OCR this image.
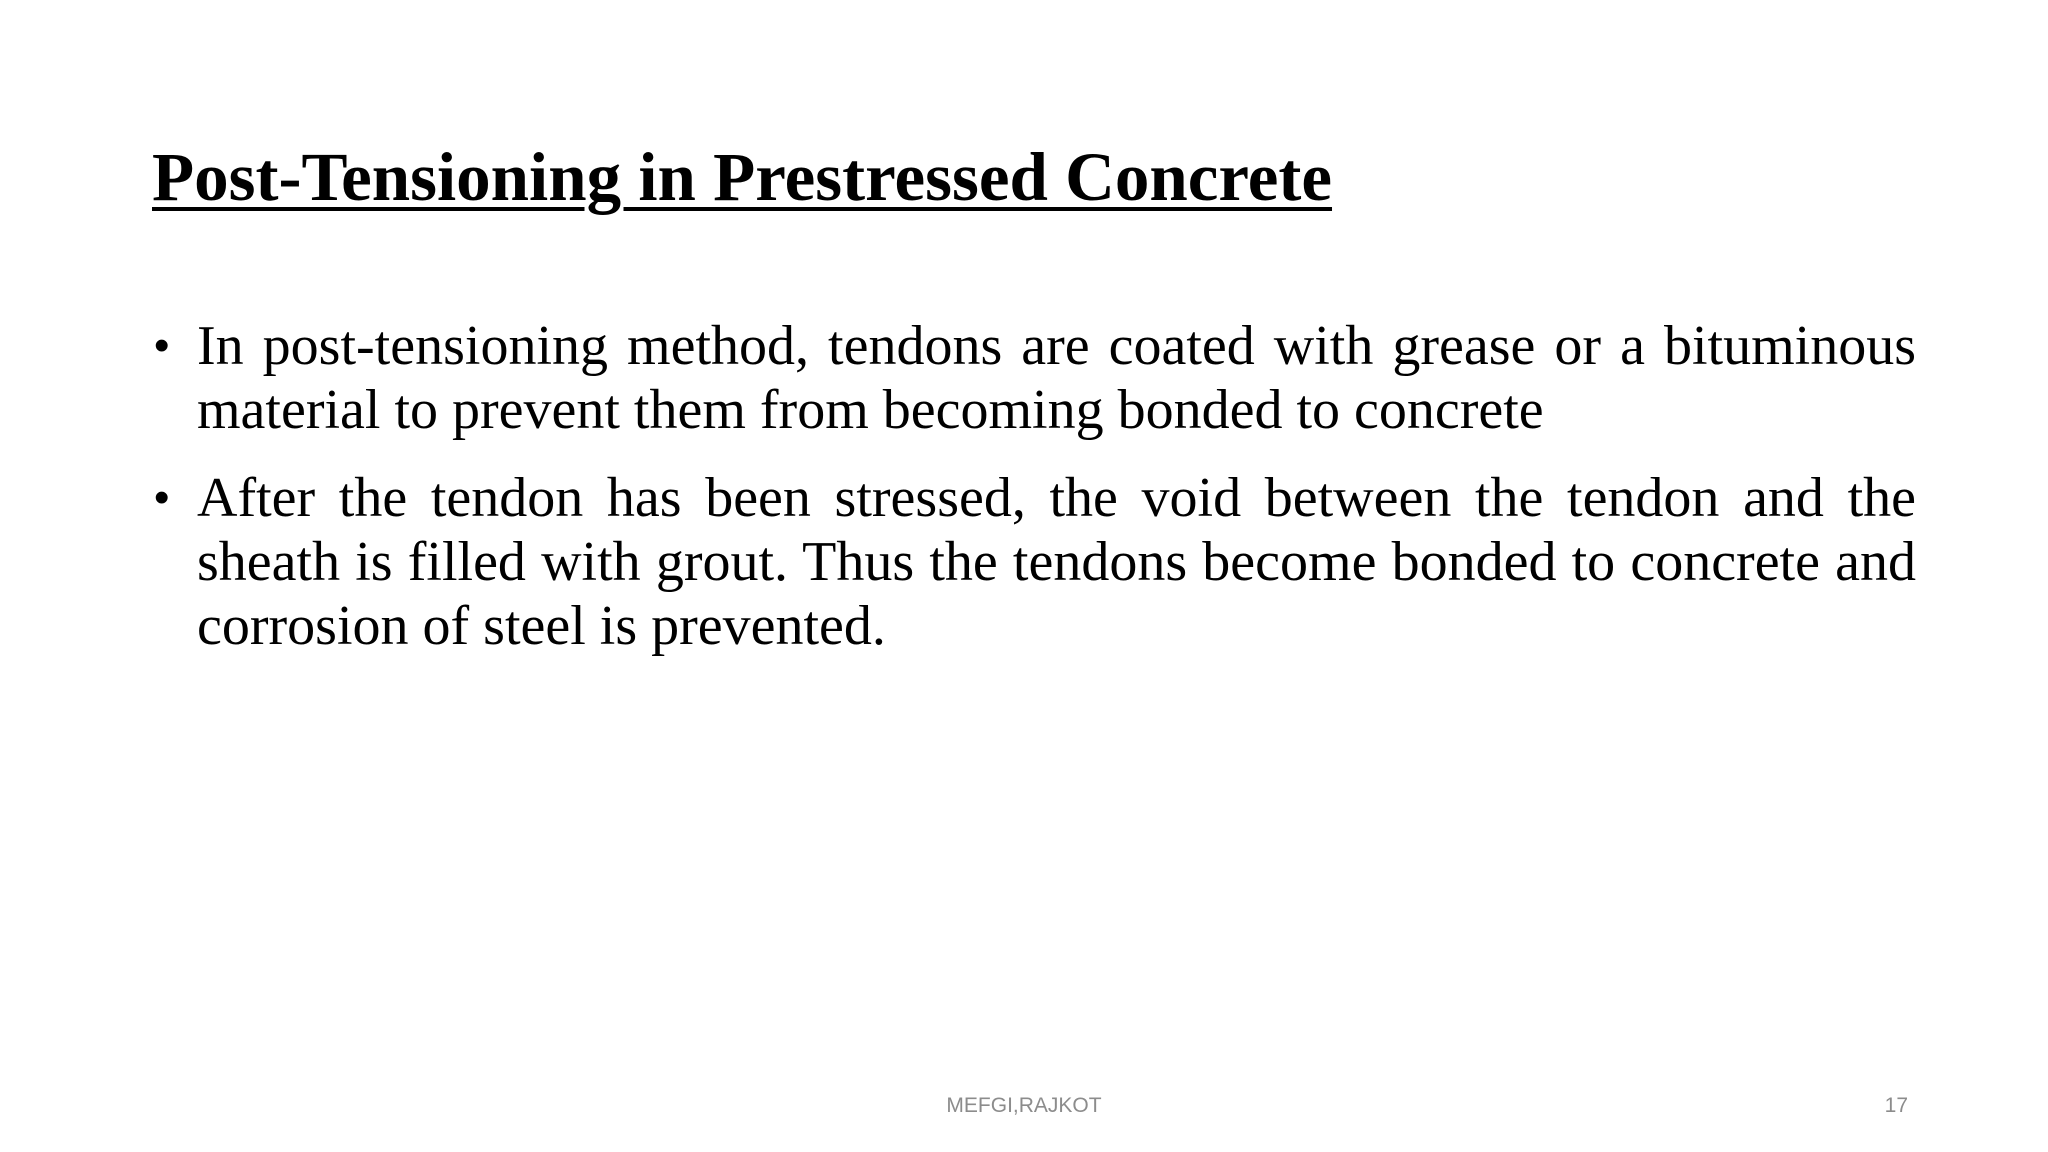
Post-Tensioning in Prestressed Concrete
• In post-tensioning method, tendons are coated with grease or a bituminous material to prevent them from becoming bonded to concrete
• After the tendon has been stressed, the void between the tendon and the sheath is filled with grout. Thus the tendons become bonded to concrete and corrosion of steel is prevented.
MEFGI,RAJKOT	17
